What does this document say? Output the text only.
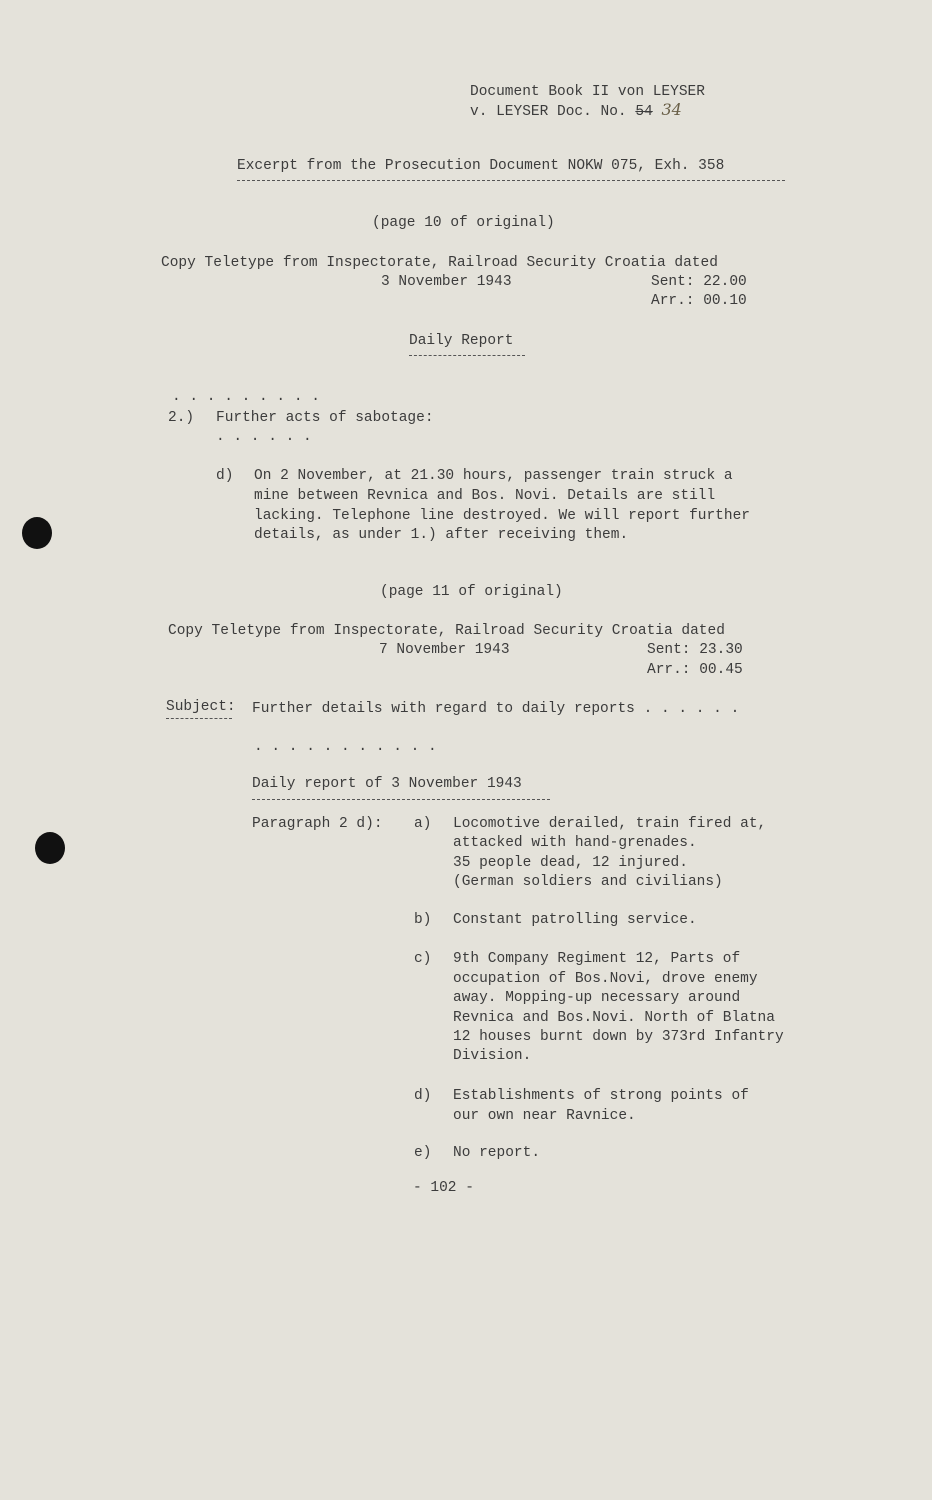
Document Book II von LEYSER
v. LEYSER Doc. No. 54 34
Excerpt from the Prosecution Document NOKW 075, Exh. 358
(page 10 of original)
Copy Teletype from Inspectorate, Railroad Security Croatia dated
3 November 1943	Sent: 22.00
Arr.: 00.10
Daily Report
. . . . . . . . .
2.) Further acts of sabotage:
. . . . . .
d) On 2 November, at 21.30 hours, passenger train struck a
mine between Revnica and Bos. Novi. Details are still
lacking. Telephone line destroyed. We will report further
details, as under 1.) after receiving them.
(page 11 of original)
Copy Teletype from Inspectorate, Railroad Security Croatia dated
7 November 1943	Sent: 23.30
Arr.: 00.45
Subject: Further details with regard to daily reports . . . . . .
. . . . . . . . . . .
Daily report of 3 November 1943
Paragraph 2 d): a) Locomotive derailed, train fired at,
attacked with hand-grenades.
35 people dead, 12 injured.
(German soldiers and civilians)
b) Constant patrolling service.
c) 9th Company Regiment 12, Parts of
occupation of Bos.Novi, drove enemy
away. Mopping-up necessary around
Revnica and Bos.Novi. North of Blatna
12 houses burnt down by 373rd Infantry
Division.
d) Establishments of strong points of
our own near Ravnice.
e) No report.
- 102 -
